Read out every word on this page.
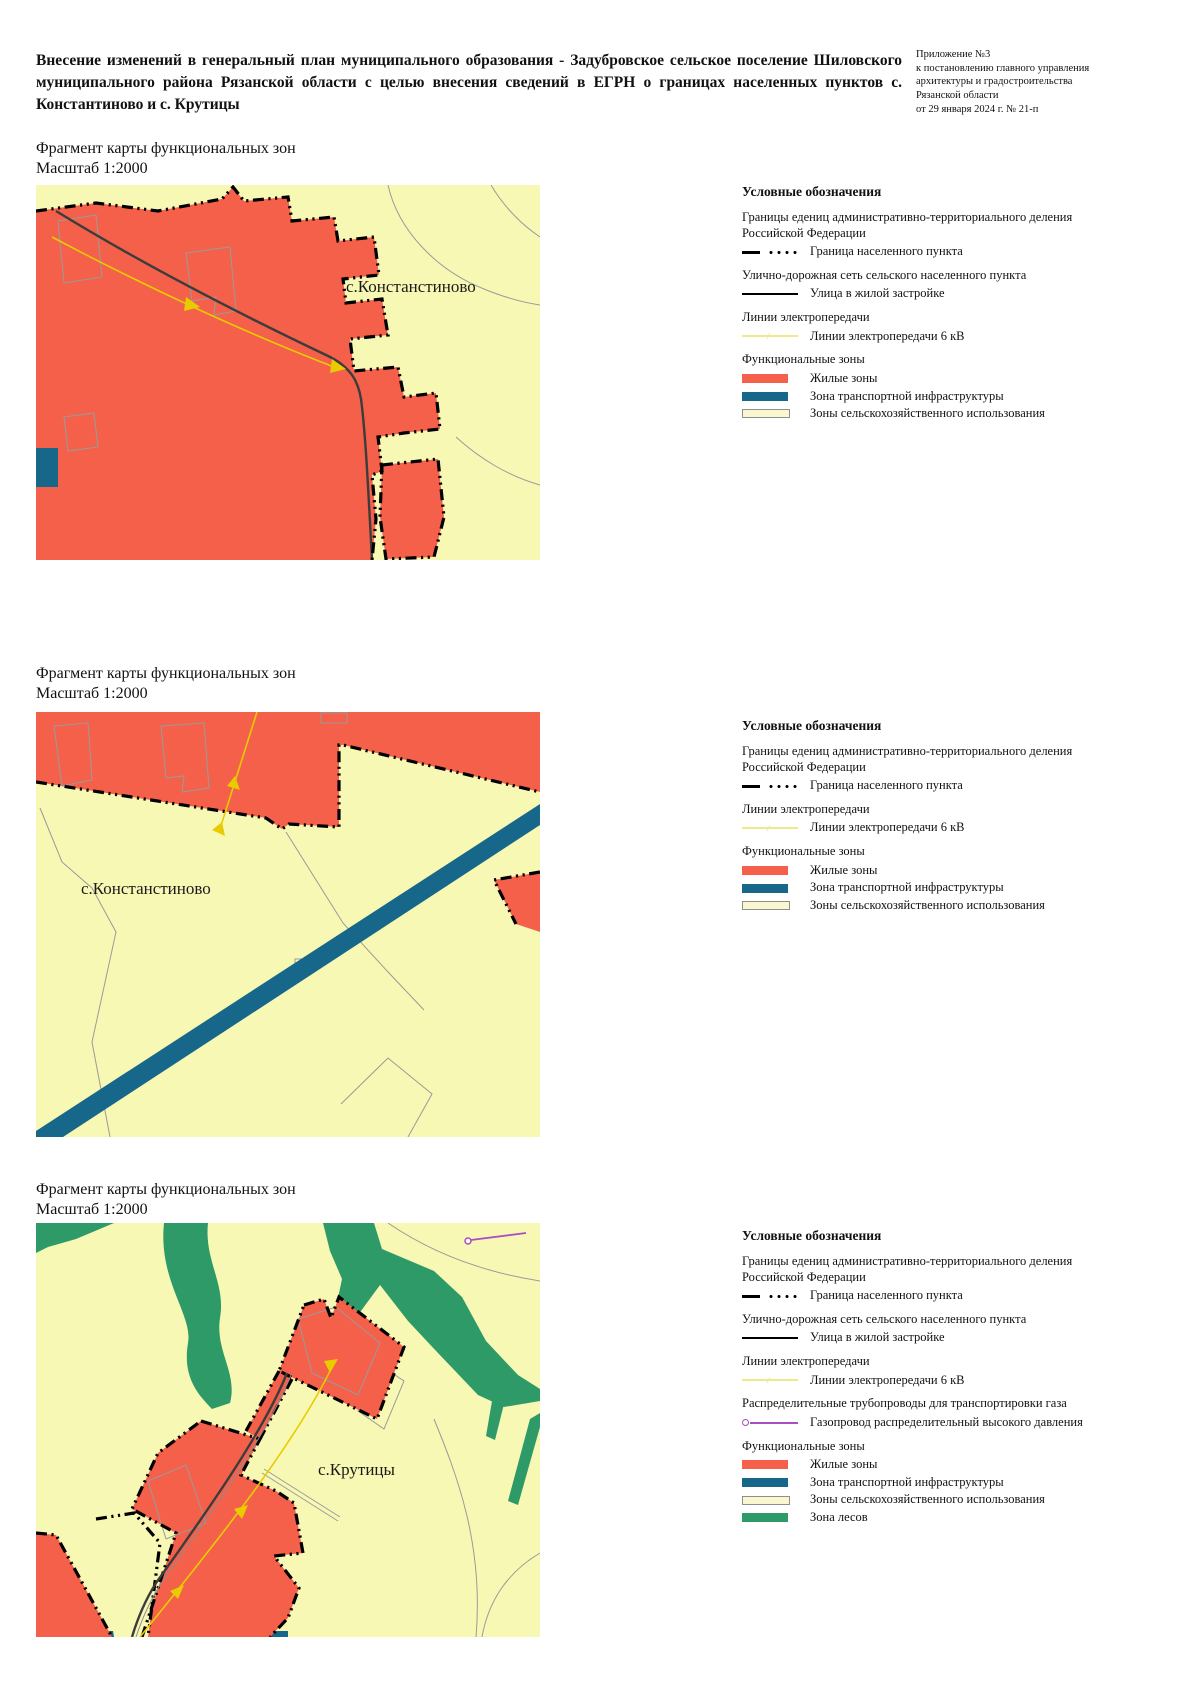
Внесение изменений в генеральный план муниципального образования - Задубровское сельское поселение Шиловского муниципального района Рязанской области с целью внесения сведений в ЕГРН о границах населенных пунктов с. Константиново и с. Крутицы
Приложение №3
к постановлению главного управления
архитектуры и градостроительства
Рязанской области
от 29 января 2024 г. № 21-п
Фрагмент карты функциональных зон
Масштаб 1:2000
с.Констанстиново
Условные обозначения
Границы едениц административно-территориального деления Российской Федерации
Граница населенного пункта
Улично-дорожная сеть сельского населенного пункта
Улица в жилой застройке
Линии электропередачи
Линии электропередачи 6 кВ
Функциональные зоны
Жилые зоны
Зона транспортной инфраструктуры
Зоны сельскохозяйственного использования
Фрагмент карты функциональных зон
Масштаб 1:2000
с.Констанстиново
Условные обозначения
Границы едениц административно-территориального деления Российской Федерации
Граница населенного пункта
Линии электропередачи
Линии электропередачи 6 кВ
Функциональные зоны
Жилые зоны
Зона транспортной инфраструктуры
Зоны сельскохозяйственного использования
Фрагмент карты функциональных зон
Масштаб 1:2000
с.Крутицы
Условные обозначения
Границы едениц административно-территориального деления Российской Федерации
Граница населенного пункта
Улично-дорожная сеть сельского населенного пункта
Улица в жилой застройке
Линии электропередачи
Линии электропередачи 6 кВ
Распределительные трубопроводы для транспортировки газа
Газопровод распределительный высокого давления
Функциональные зоны
Жилые зоны
Зона транспортной инфраструктуры
Зоны сельскохозяйственного использования
Зона лесов
